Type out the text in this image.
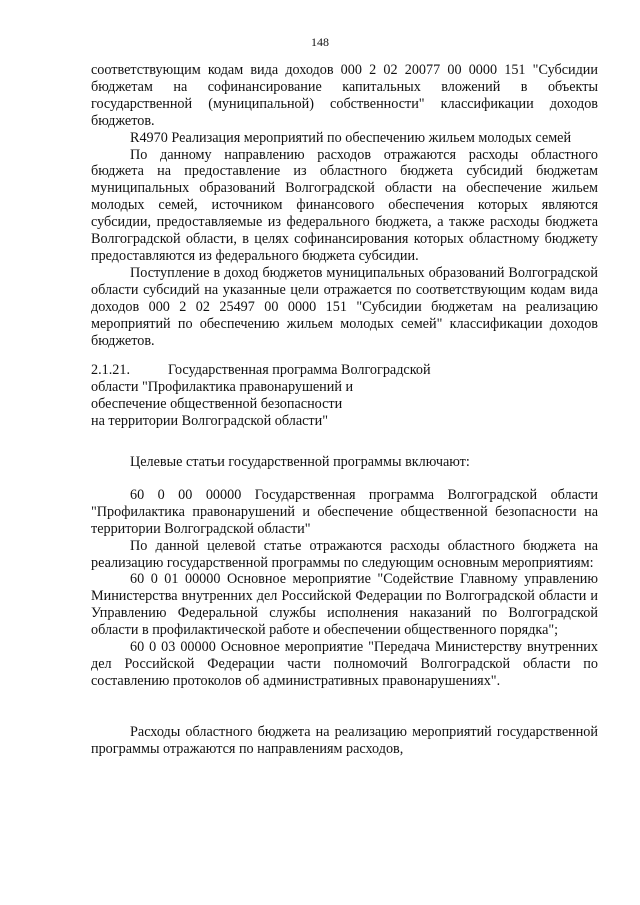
148

соответствующим кодам вида доходов 000 2 02 20077 00 0000 151 "Субсидии бюджетам на софинансирование капитальных вложений в объекты государственной (муниципальной) собственности" классификации доходов бюджетов.

R4970 Реализация мероприятий по обеспечению жильем молодых семей

По данному направлению расходов отражаются расходы областного бюджета на предоставление из областного бюджета субсидий бюджетам муниципальных образований Волгоградской области на обеспечение жильем молодых семей, источником финансового обеспечения которых являются субсидии, предоставляемые из федерального бюджета, а также расходы бюджета Волгоградской области, в целях софинансирования которых областному бюджету предоставляются из федерального бюджета субсидии.

Поступление в доход бюджетов муниципальных образований Волгоградской области субсидий на указанные цели отражается по соответствующим кодам вида доходов 000 2 02 25497 00 0000 151 "Субсидии бюджетам на реализацию мероприятий по обеспечению жильем молодых семей" классификации доходов бюджетов.

2.1.21.	Государственная программа Волгоградской

области "Профилактика правонарушений и

обеспечение общественной безопасности

на территории Волгоградской области"

Целевые статьи государственной программы включают:

60 0 00 00000 Государственная программа Волгоградской области "Профилактика правонарушений и обеспечение общественной безопасности на территории Волгоградской области"

По данной целевой статье отражаются расходы областного бюджета на реализацию государственной программы по следующим основным мероприятиям:

60 0 01 00000 Основное мероприятие "Содействие Главному управлению Министерства внутренних дел Российской Федерации по Волгоградской области и Управлению Федеральной службы исполнения наказаний по Волгоградской области в профилактической работе и обеспечении общественного порядка";

60 0 03 00000 Основное мероприятие "Передача Министерству внутренних дел Российской Федерации части полномочий Волгоградской области по составлению протоколов об административных правонарушениях".

Расходы областного бюджета на реализацию мероприятий государственной программы отражаются по направлениям расходов,
